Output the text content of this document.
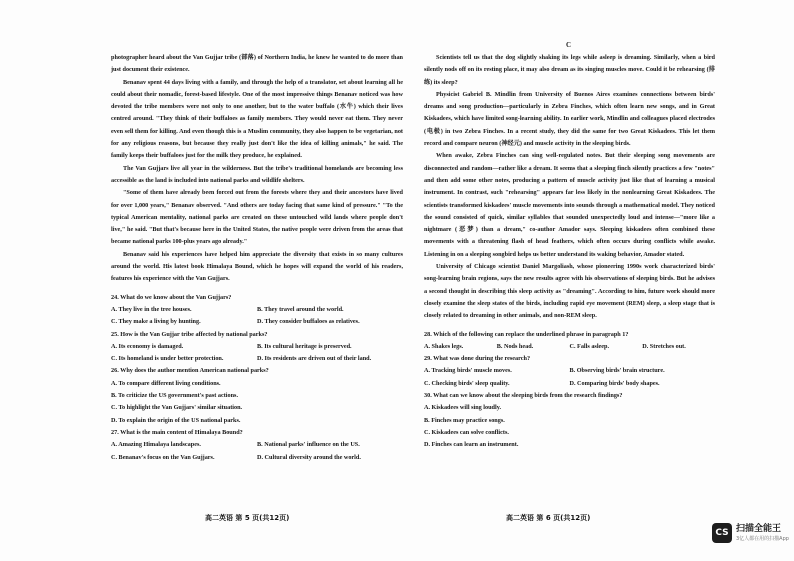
photographer heard about the Van Gujjar tribe (部落) of Northern India, he knew he wanted to do more than just document their existence.

Benanav spent 44 days living with a family, and through the help of a translator, set about learning all he could about their nomadic, forest-based lifestyle. One of the most impressive things Benanav noticed was how devoted the tribe members were not only to one another, but to the water buffalo (水牛) which their lives centred around. "They think of their buffaloes as family members. They would never eat them. They never even sell them for killing. And even though this is a Muslim community, they also happen to be vegetarian, not for any religious reasons, but because they really just don't like the idea of killing animals," he said. The family keeps their buffaloes just for the milk they produce, he explained.

The Van Gujjars live all year in the wilderness. But the tribe's traditional homelands are becoming less accessible as the land is included into national parks and wildlife shelters.

"Some of them have already been forced out from the forests where they and their ancestors have lived for over 1,000 years," Benanav observed. "And others are today facing that same kind of pressure." "To the typical American mentality, national parks are created on these untouched wild lands where people don't live," he said. "But that's because here in the United States, the native people were driven from the areas that became national parks 100-plus years ago already."

Benanav said his experiences have helped him appreciate the diversity that exists in so many cultures around the world. His latest book Himalaya Bound, which he hopes will expand the world of his readers, features his experience with the Van Gujjars.

24. What do we know about the Van Gujjars?

A. They live in the tree houses.	B. They travel around the world.
C. They make a living by hunting.	D. They consider buffaloes as relatives.

25. How is the Van Gujjar tribe affected by national parks?

A. Its economy is damaged.	B. Its cultural heritage is preserved.
C. Its homeland is under better protection.	D. Its residents are driven out of their land.

26. Why does the author mention American national parks?

A. To compare different living conditions.

B. To criticize the US government's past actions.

C. To highlight the Van Gujjars' similar situation.

D. To explain the origin of the US national parks.

27. What is the main content of Himalaya Bound?

A. Amazing Himalaya landscapes.	B. National parks' influence on the US.
C. Benanav's focus on the Van Gujjars.	D. Cultural diversity around the world.
C

Scientists tell us that the dog slightly shaking its legs while asleep is dreaming. Similarly, when a bird silently nods off on its resting place, it may also dream as its singing muscles move. Could it be rehearsing (排练) its sleep?

Physicist Gabriel B. Mindlin from University of Buenos Aires examines connections between birds' dreams and song production—particularly in Zebra Finches, which often learn new songs, and in Great Kiskadees, which have limited song-learning ability. In earlier work, Mindlin and colleagues placed electrodes (电极) in two Zebra Finches. In a recent study, they did the same for two Great Kiskadees. This let them record and compare neuron (神经元) and muscle activity in the sleeping birds.

When awake, Zebra Finches can sing well-regulated notes. But their sleeping song movements are disconnected and random—rather like a dream. It seems that a sleeping finch silently practices a few "notes" and then add some other notes, producing a pattern of muscle activity just like that of learning a musical instrument. In contrast, such "rehearsing" appears far less likely in the nonlearning Great Kiskadees. The scientists transformed kiskadees' muscle movements into sounds through a mathematical model. They noticed the sound consisted of quick, similar syllables that sounded unexpectedly loud and intense—"more like a nightmare (恶梦) than a dream," co-author Amador says. Sleeping kiskadees often combined these movements with a threatening flash of head feathers, which often occurs during conflicts while awake. Listening in on a sleeping songbird helps us better understand its waking behavior, Amador stated.

University of Chicago scientist Daniel Margoliash, whose pioneering 1990s work characterized birds' song-learning brain regions, says the new results agree with his observations of sleeping birds. But he advises a second thought in describing this sleep activity as "dreaming". According to him, future work should more closely examine the sleep states of the birds, including rapid eye movement (REM) sleep, a sleep stage that is closely related to dreaming in other animals, and non-REM sleep.

28. Which of the following can replace the underlined phrase in paragraph 1?

A. Shakes legs.	B. Nods head.	C. Falls asleep.	D. Stretches out.

29. What was done during the research?

A. Tracking birds' muscle moves.	B. Observing birds' brain structure.
C. Checking birds' sleep quality.	D. Comparing birds' body shapes.

30. What can we know about the sleeping birds from the research findings?

A. Kiskadees will sing loudly.

B. Finches may practice songs.

C. Kiskadees can solve conflicts.

D. Finches can learn an instrument.

高二英语 第 5 页(共12页)	高二英语 第 6 页(共12页)
CS 扫描全能王
3亿人都在用的扫描App
